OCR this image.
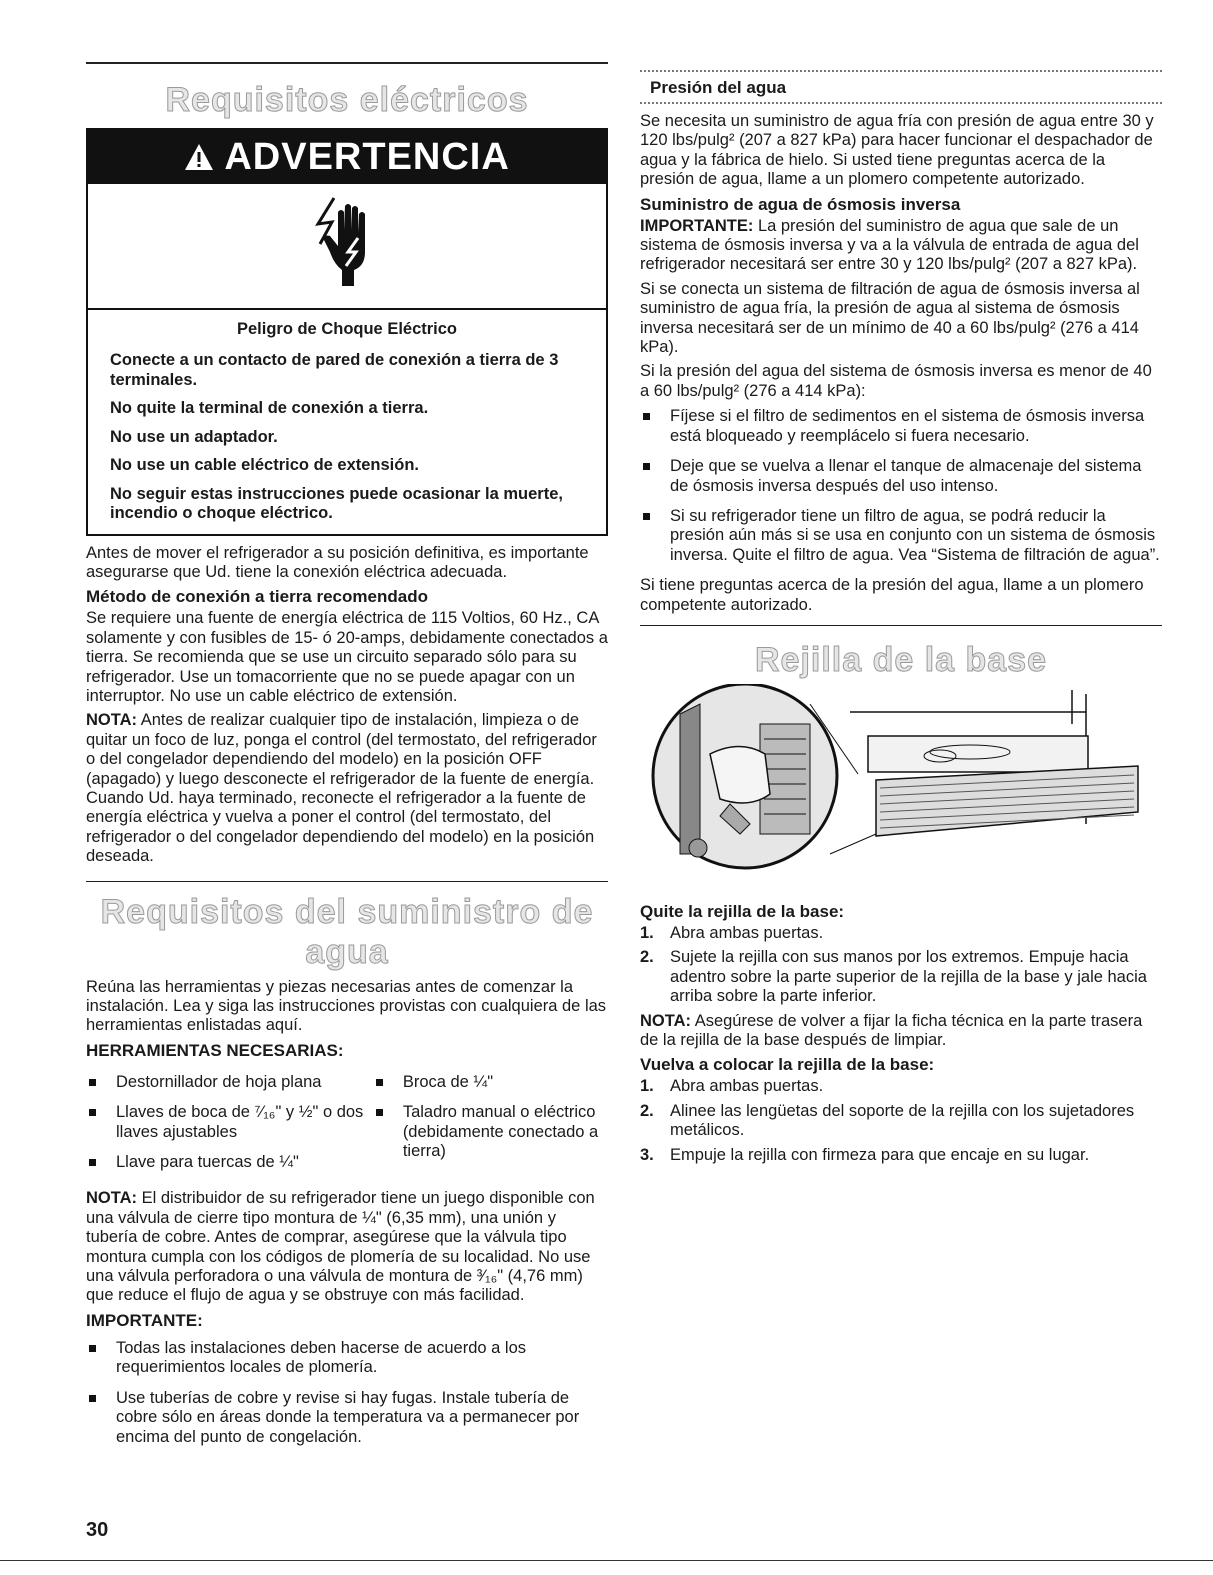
Requisitos eléctricos
ADVERTENCIA
Peligro de Choque Eléctrico

Conecte a un contacto de pared de conexión a tierra de 3 terminales.

No quite la terminal de conexión a tierra.

No use un adaptador.

No use un cable eléctrico de extensión.

No seguir estas instrucciones puede ocasionar la muerte, incendio o choque eléctrico.

Antes de mover el refrigerador a su posición definitiva, es importante asegurarse que Ud. tiene la conexión eléctrica adecuada.

Método de conexión a tierra recomendado

Se requiere una fuente de energía eléctrica de 115 Voltios, 60 Hz., CA solamente y con fusibles de 15- ó 20-amps, debidamente conectados a tierra. Se recomienda que se use un circuito separado sólo para su refrigerador. Use un tomacorriente que no se puede apagar con un interruptor. No use un cable eléctrico de extensión.

NOTA: Antes de realizar cualquier tipo de instalación, limpieza o de quitar un foco de luz, ponga el control (del termostato, del refrigerador o del congelador dependiendo del modelo) en la posición OFF (apagado) y luego desconecte el refrigerador de la fuente de energía. Cuando Ud. haya terminado, reconecte el refrigerador a la fuente de energía eléctrica y vuelva a poner el control (del termostato, del refrigerador o del congelador dependiendo del modelo) en la posición deseada.

Requisitos del suministro de agua

Reúna las herramientas y piezas necesarias antes de comenzar la instalación. Lea y siga las instrucciones provistas con cualquiera de las herramientas enlistadas aquí.

HERRAMIENTAS NECESARIAS:
Destornillador de hoja plana
Llaves de boca de ⁷⁄₁₆" y ½" o dos llaves ajustables
Llave para tuercas de ¼"
Broca de ¼"
Taladro manual o eléctrico (debidamente conectado a tierra)

NOTA: El distribuidor de su refrigerador tiene un juego disponible con una válvula de cierre tipo montura de ¼" (6,35 mm), una unión y tubería de cobre. Antes de comprar, asegúrese que la válvula tipo montura cumpla con los códigos de plomería de su localidad. No use una válvula perforadora o una válvula de montura de ³⁄₁₆" (4,76 mm) que reduce el flujo de agua y se obstruye con más facilidad.

IMPORTANTE:
Todas las instalaciones deben hacerse de acuerdo a los requerimientos locales de plomería.
Use tuberías de cobre y revise si hay fugas. Instale tubería de cobre sólo en áreas donde la temperatura va a permanecer por encima del punto de congelación.
Presión del agua

Se necesita un suministro de agua fría con presión de agua entre 30 y 120 lbs/pulg² (207 a 827 kPa) para hacer funcionar el despachador de agua y la fábrica de hielo. Si usted tiene preguntas acerca de la presión de agua, llame a un plomero competente autorizado.

Suministro de agua de ósmosis inversa

IMPORTANTE: La presión del suministro de agua que sale de un sistema de ósmosis inversa y va a la válvula de entrada de agua del refrigerador necesitará ser entre 30 y 120 lbs/pulg² (207 a 827 kPa).

Si se conecta un sistema de filtración de agua de ósmosis inversa al suministro de agua fría, la presión de agua al sistema de ósmosis inversa necesitará ser de un mínimo de 40 a 60 lbs/pulg² (276 a 414 kPa).

Si la presión del agua del sistema de ósmosis inversa es menor de 40 a 60 lbs/pulg² (276 a 414 kPa):

Fíjese si el filtro de sedimentos en el sistema de ósmosis inversa está bloqueado y reemplácelo si fuera necesario.
Deje que se vuelva a llenar el tanque de almacenaje del sistema de ósmosis inversa después del uso intenso.
Si su refrigerador tiene un filtro de agua, se podrá reducir la presión aún más si se usa en conjunto con un sistema de ósmosis inversa. Quite el filtro de agua. Vea “Sistema de filtración de agua”.

Si tiene preguntas acerca de la presión del agua, llame a un plomero competente autorizado.

Rejilla de la base
Quite la rejilla de la base:
1. Abra ambas puertas.
2. Sujete la rejilla con sus manos por los extremos. Empuje hacia adentro sobre la parte superior de la rejilla de la base y jale hacia arriba sobre la parte inferior.

NOTA: Asegúrese de volver a fijar la ficha técnica en la parte trasera de la rejilla de la base después de limpiar.

Vuelva a colocar la rejilla de la base:
1. Abra ambas puertas.
2. Alinee las lengüetas del soporte de la rejilla con los sujetadores metálicos.
3. Empuje la rejilla con firmeza para que encaje en su lugar.
30
